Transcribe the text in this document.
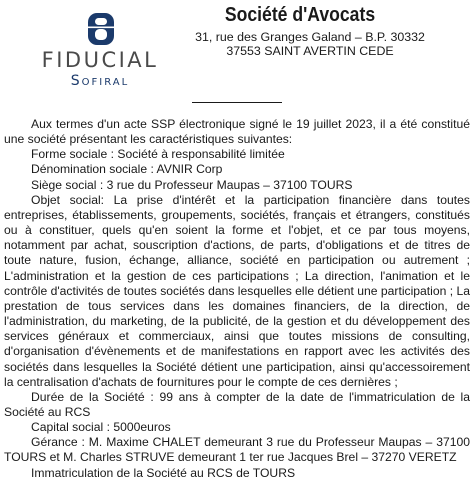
FIDUCIAL
Sofiral
Société d'Avocats
31, rue des Granges Galand – B.P. 30332
37553 SAINT AVERTIN CEDE

Aux termes d'un acte SSP électronique signé le 19 juillet 2023, il a été constitué une société présentant les caractéristiques suivantes:

Forme sociale : Société à responsabilité limitée

Dénomination sociale : AVNIR Corp

Siège social : 3 rue du Professeur Maupas – 37100 TOURS

Objet social: La prise d'intérêt et la participation financière dans toutes entreprises, établissements, groupements, sociétés, français et étrangers, constitués ou à constituer, quels qu'en soient la forme et l'objet, et ce par tous moyens, notamment par achat, souscription d'actions, de parts, d'obligations et de titres de toute nature, fusion, échange, alliance, société en participation ou autrement ; L'administration et la gestion de ces participations ; La direction, l'animation et le contrôle d'activités de toutes sociétés dans lesquelles elle détient une participation ; La prestation de tous services dans les domaines financiers, de la direction, de l'administration, du marketing, de la publicité, de la gestion et du développement des services généraux et commerciaux, ainsi que toutes missions de consulting, d'organisation d'évènements et de manifestations en rapport avec les activités des sociétés dans lesquelles la Société détient une participation, ainsi qu'accessoirement la centralisation d'achats de fournitures pour le compte de ces dernières ;

Durée de la Société : 99 ans à compter de la date de l'immatriculation de la Société au RCS

Capital social : 5000euros

Gérance : M. Maxime CHALET demeurant 3 rue du Professeur Maupas – 37100 TOURS et M. Charles STRUVE demeurant 1 ter rue Jacques Brel – 37270 VERETZ

Immatriculation de la Société au RCS de TOURS
